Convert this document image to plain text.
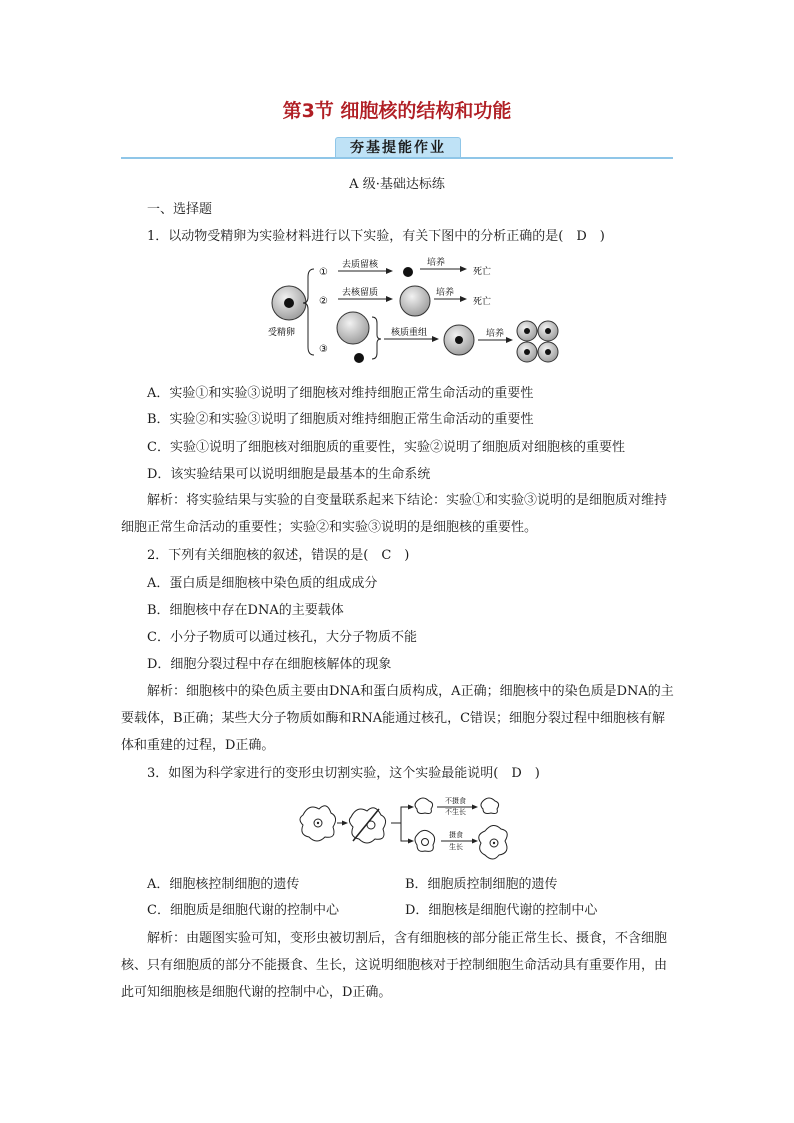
第3节 细胞核的结构和功能
夯基提能作业
A 级·基础达标练
一、选择题
1．以动物受精卵为实验材料进行以下实验，有关下图中的分析正确的是(　D　)
受精卵
①
去质留核	培养
死亡
②
去核留质	培养
死亡
③
核质重组	培养
A．实验①和实验③说明了细胞核对维持细胞正常生命活动的重要性
B．实验②和实验③说明了细胞质对维持细胞正常生命活动的重要性
C．实验①说明了细胞核对细胞质的重要性，实验②说明了细胞质对细胞核的重要性
D．该实验结果可以说明细胞是最基本的生命系统
解析：将实验结果与实验的自变量联系起来下结论：实验①和实验③说明的是细胞质对维持细胞正常生命活动的重要性；实验②和实验③说明的是细胞核的重要性。
2．下列有关细胞核的叙述，错误的是(　C　)
A．蛋白质是细胞核中染色质的组成成分
B．细胞核中存在DNA的主要载体
C．小分子物质可以通过核孔，大分子物质不能
D．细胞分裂过程中存在细胞核解体的现象
解析：细胞核中的染色质主要由DNA和蛋白质构成，A正确；细胞核中的染色质是DNA的主要载体，B正确；某些大分子物质如酶和RNA能通过核孔，C错误；细胞分裂过程中细胞核有解体和重建的过程，D正确。
3．如图为科学家进行的变形虫切割实验，这个实验最能说明(　D　)
不摄食
不生长
摄食
生长
A．细胞核控制细胞的遗传	B．细胞质控制细胞的遗传
C．细胞质是细胞代谢的控制中心	D．细胞核是细胞代谢的控制中心
解析：由题图实验可知，变形虫被切割后，含有细胞核的部分能正常生长、摄食，不含细胞核、只有细胞质的部分不能摄食、生长，这说明细胞核对于控制细胞生命活动具有重要作用，由此可知细胞核是细胞代谢的控制中心，D正确。
